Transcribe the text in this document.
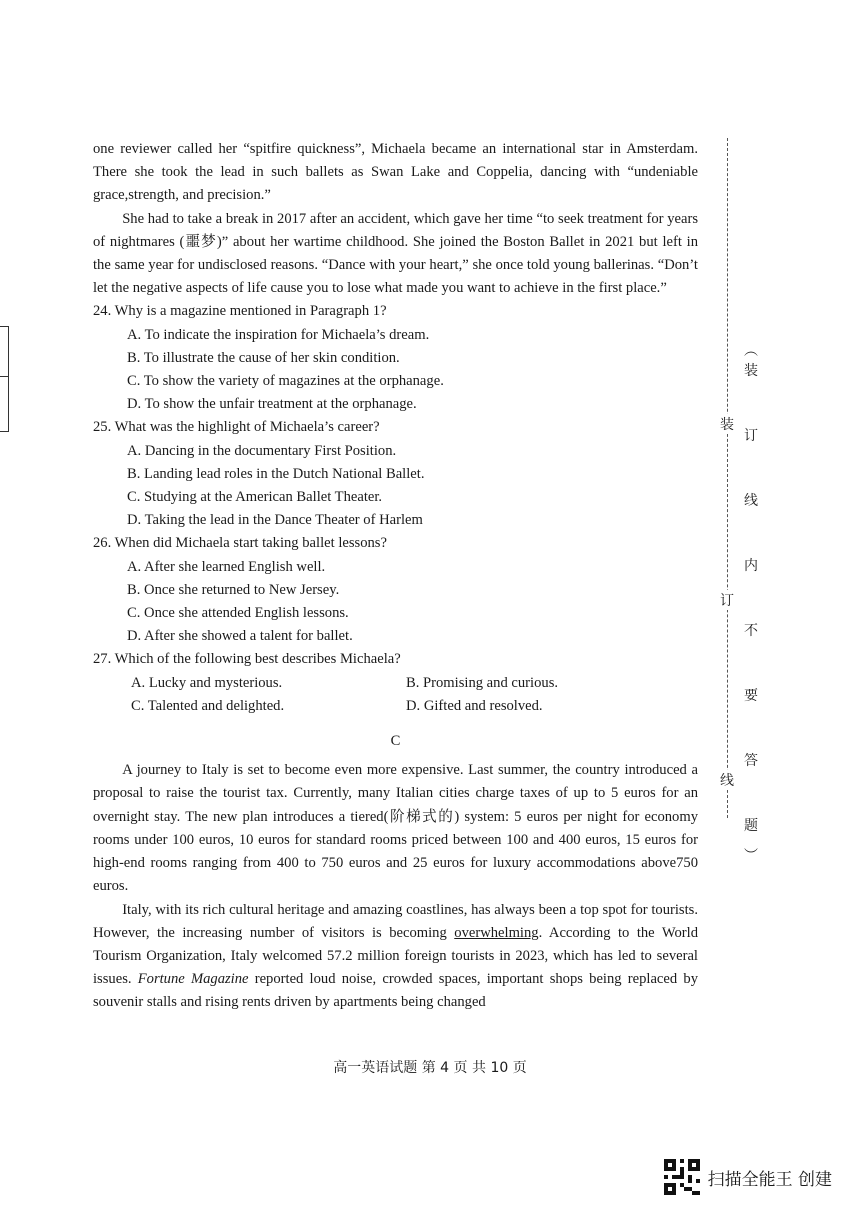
one reviewer called her “spitfire quickness”, Michaela became an international star in Amsterdam. There she took the lead in such ballets as Swan Lake and Coppelia, dancing with “undeniable grace,strength, and precision.”

She had to take a break in 2017 after an accident, which gave her time “to seek treatment for years of nightmares (噩梦)” about her wartime childhood. She joined the Boston Ballet in 2021 but left in the same year for undisclosed reasons. “Dance with your heart,” she once told young ballerinas. “Don’t let the negative aspects of life cause you to lose what made you want to achieve in the first place.”

24. Why is a magazine mentioned in Paragraph 1?

A. To indicate the inspiration for Michaela’s dream.

B. To illustrate the cause of her skin condition.

C. To show the variety of magazines at the orphanage.

D. To show the unfair treatment at the orphanage.

25. What was the highlight of Michaela’s career?

A. Dancing in the documentary First Position.

B. Landing lead roles in the Dutch National Ballet.

C. Studying at the American Ballet Theater.

D. Taking the lead in the Dance Theater of Harlem

26. When did Michaela start taking ballet lessons?

A. After she learned English well.

B. Once she returned to New Jersey.

C. Once she attended English lessons.

D. After she showed a talent for ballet.

27. Which of the following best describes Michaela?

A. Lucky and mysterious.	B. Promising and curious.
C. Talented and delighted.	D. Gifted and resolved.

C

A journey to Italy is set to become even more expensive. Last summer, the country introduced a proposal to raise the tourist tax. Currently, many Italian cities charge taxes of up to 5 euros for an overnight stay. The new plan introduces a tiered(阶梯式的) system: 5 euros per night for economy rooms under 100 euros, 10 euros for standard rooms priced between 100 and 400 euros, 15 euros for high-end rooms ranging from 400 to 750 euros and 25 euros for luxury accommodations above750 euros.

Italy, with its rich cultural heritage and amazing coastlines, has always been a top spot for tourists. However, the increasing number of visitors is becoming overwhelming. According to the World Tourism Organization, Italy welcomed 57.2 million foreign tourists in 2023, which has led to several issues. Fortune Magazine reported loud noise, crowded spaces, important shops being replaced by souvenir stalls and rising rents driven by apartments being changed

装
订
线
︵
装
订
线
内
不
要
答
题
︶
高一英语试题 第 4 页 共 10 页
扫描全能王 创建
